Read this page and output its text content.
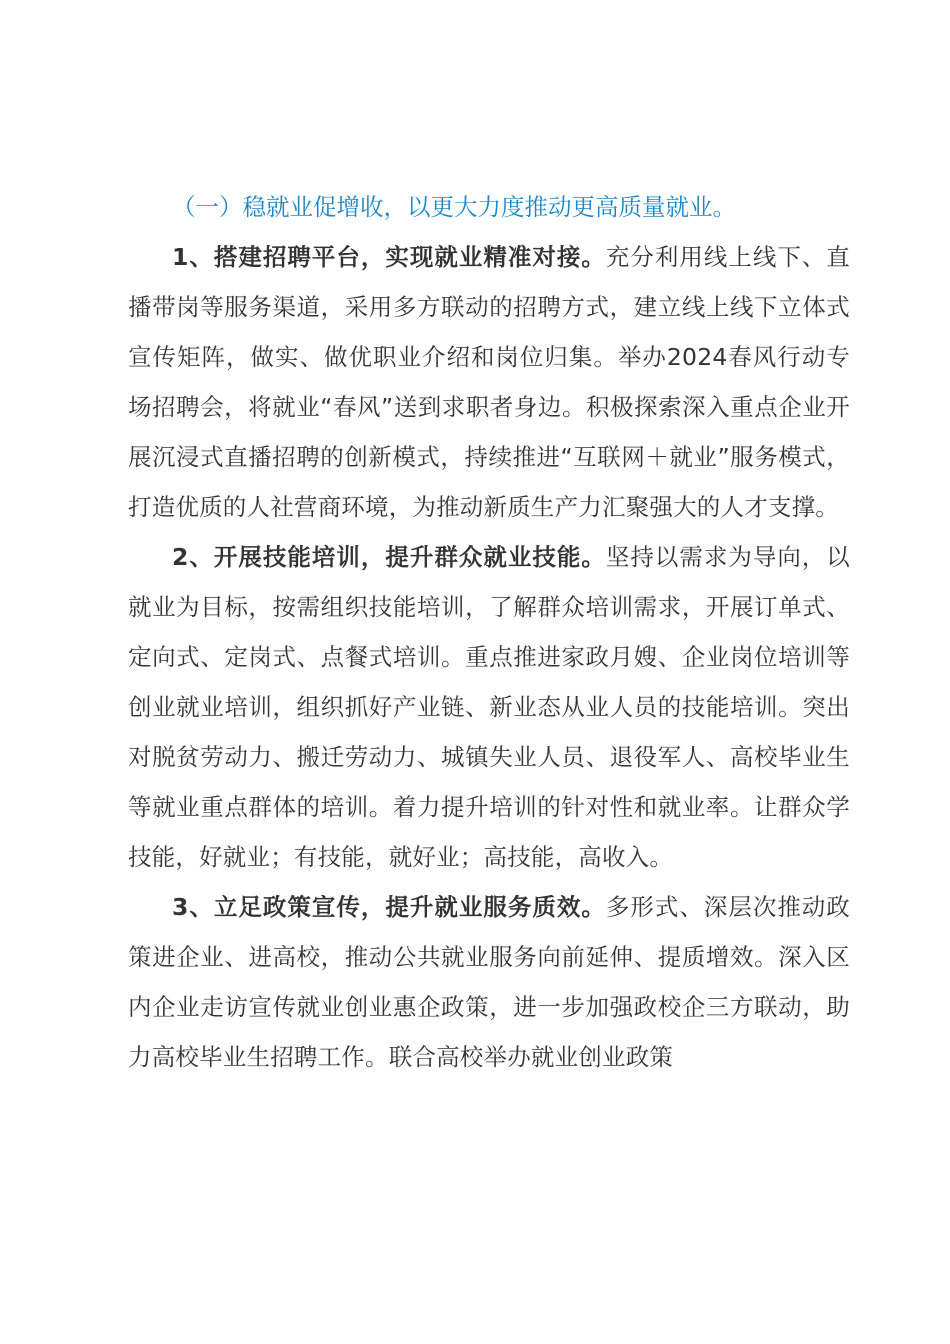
（一）稳就业促增收，以更大力度推动更高质量就业。

1、搭建招聘平台，实现就业精准对接。充分利用线上线下、直播带岗等服务渠道，采用多方联动的招聘方式，建立线上线下立体式宣传矩阵，做实、做优职业介绍和岗位归集。举办2024春风行动专场招聘会，将就业“春风”送到求职者身边。积极探索深入重点企业开展沉浸式直播招聘的创新模式，持续推进“互联网＋就业”服务模式，打造优质的人社营商环境，为推动新质生产力汇聚强大的人才支撑。

2、开展技能培训，提升群众就业技能。坚持以需求为导向，以就业为目标，按需组织技能培训，了解群众培训需求，开展订单式、定向式、定岗式、点餐式培训。重点推进家政月嫂、企业岗位培训等创业就业培训，组织抓好产业链、新业态从业人员的技能培训。突出对脱贫劳动力、搬迁劳动力、城镇失业人员、退役军人、高校毕业生等就业重点群体的培训。着力提升培训的针对性和就业率。让群众学技能，好就业；有技能，就好业；高技能，高收入。

3、立足政策宣传，提升就业服务质效。多形式、深层次推动政策进企业、进高校，推动公共就业服务向前延伸、提质增效。深入区内企业走访宣传就业创业惠企政策，进一步加强政校企三方联动，助力高校毕业生招聘工作。联合高校举办就业创业政策
